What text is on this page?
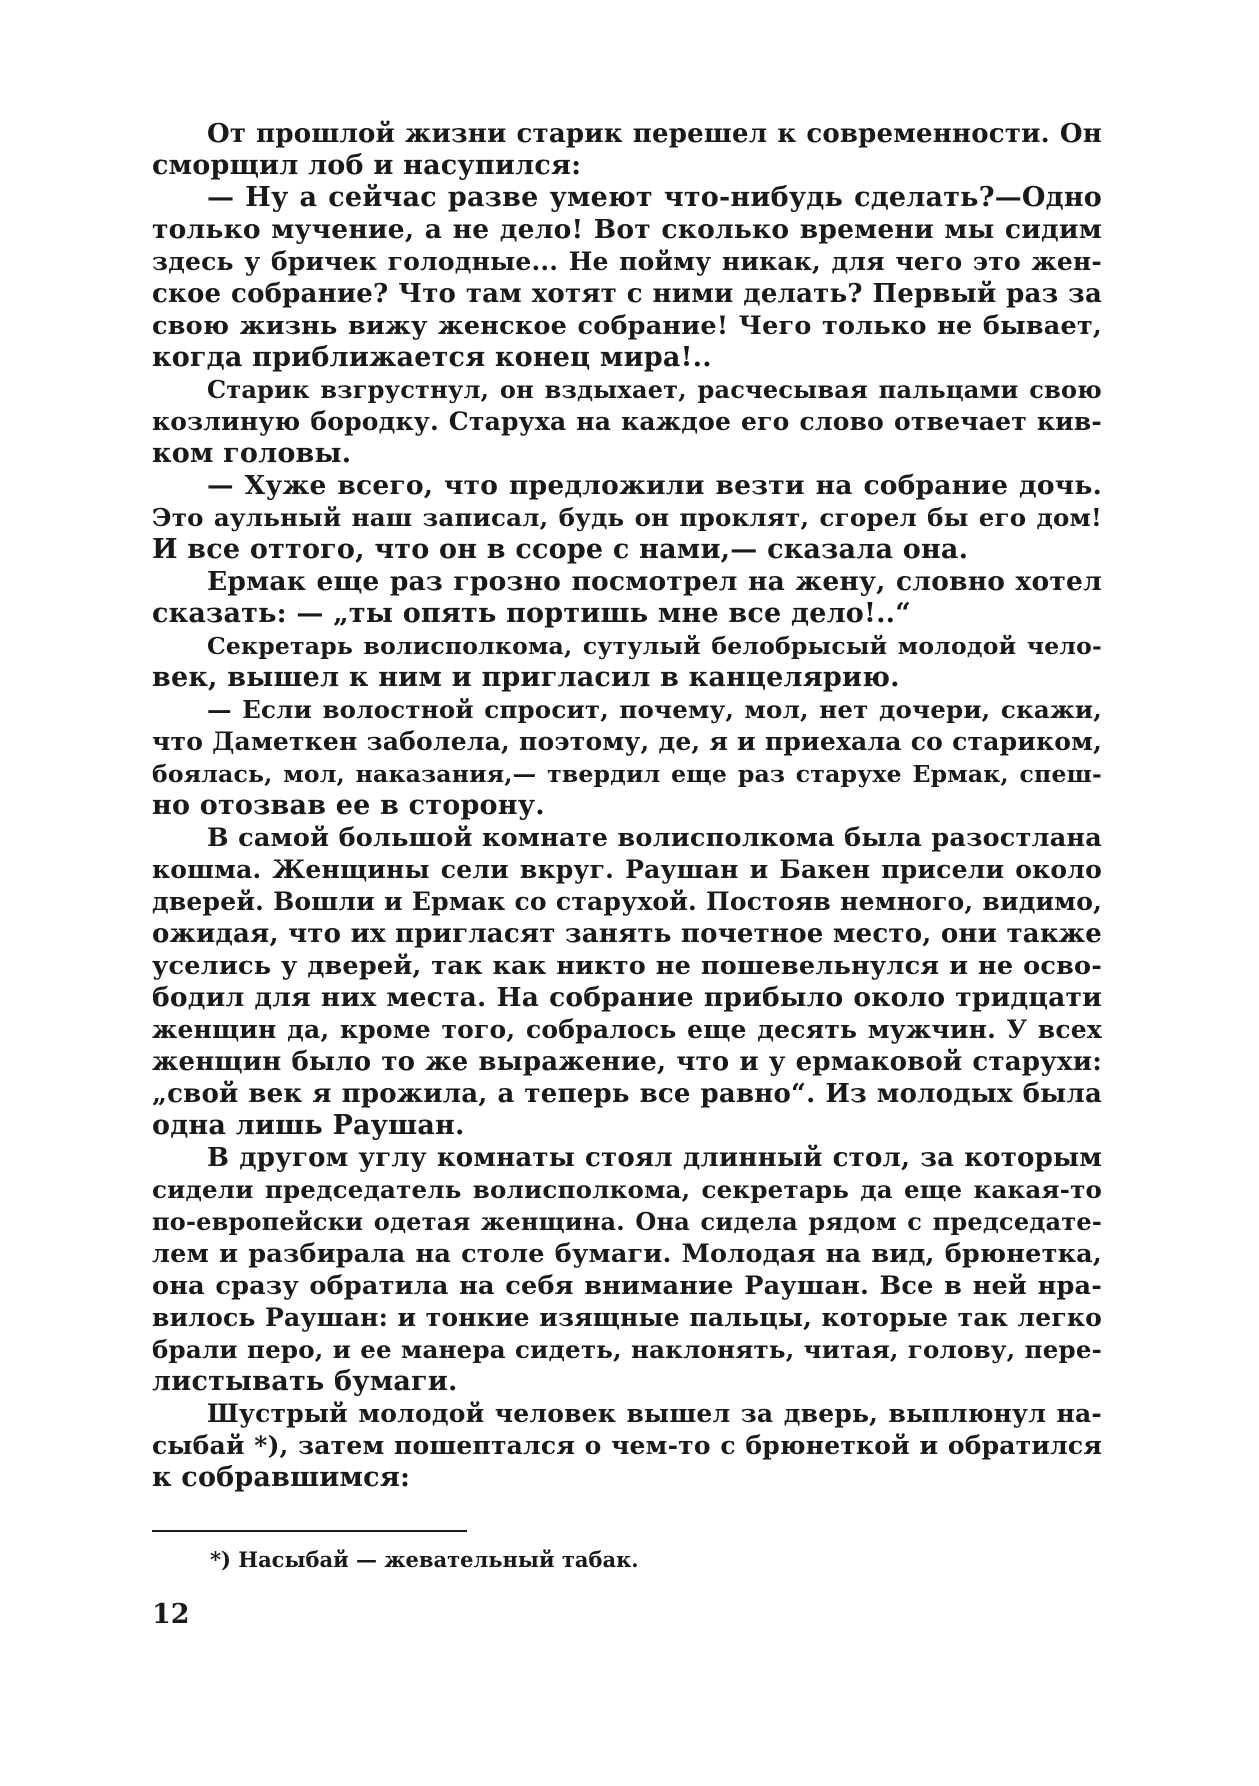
От прошлой жизни старик перешел к современности. Он
сморщил лоб и насупился:
— Ну а сейчас разве умеют что-нибудь сделать?—Одно
только мучение, а не дело! Вот сколько времени мы сидим
здесь у бричек голодные... Не пойму никак, для чего это жен-
ское собрание? Что там хотят с ними делать? Первый раз за
свою жизнь вижу женское собрание! Чего только не бывает,
когда приближается конец мира!..
Старик взгрустнул, он вздыхает, расчесывая пальцами свою
козлиную бородку. Старуха на каждое его слово отвечает кив-
ком головы.
— Хуже всего, что предложили везти на собрание дочь.
Это аульный наш записал, будь он проклят, сгорел бы его дом!
И все оттого, что он в ссоре с нами,— сказала она.
Ермак еще раз грозно посмотрел на жену, словно хотел
сказать: — „ты опять портишь мне все дело!..“
Секретарь волисполкома, сутулый белобрысый молодой чело-
век, вышел к ним и пригласил в канцелярию.
— Если волостной спросит, почему, мол, нет дочери, скажи,
что Даметкен заболела, поэтому, де, я и приехала со стариком,
боялась, мол, наказания,— твердил еще раз старухе Ермак, спеш-
но отозвав ее в сторону.
В самой большой комнате волисполкома была разостлана
кошма. Женщины сели вкруг. Раушан и Бакен присели около
дверей. Вошли и Ермак со старухой. Постояв немного, видимо,
ожидая, что их пригласят занять почетное место, они также
уселись у дверей, так как никто не пошевельнулся и не осво-
бодил для них места. На собрание прибыло около тридцати
женщин да, кроме того, собралось еще десять мужчин. У всех
женщин было то же выражение, что и у ермаковой старухи:
„свой век я прожила, а теперь все равно“. Из молодых была
одна лишь Раушан.
В другом углу комнаты стоял длинный стол, за которым
сидели председатель волисполкома, секретарь да еще какая-то
по-европейски одетая женщина. Она сидела рядом с председате-
лем и разбирала на столе бумаги. Молодая на вид, брюнетка,
она сразу обратила на себя внимание Раушан. Все в ней нра-
вилось Раушан: и тонкие изящные пальцы, которые так легко
брали перо, и ее манера сидеть, наклонять, читая, голову, пере-
листывать бумаги.
Шустрый молодой человек вышел за дверь, выплюнул на-
сыбай *), затем пошептался о чем-то с брюнеткой и обратился
к собравшимся:
*) Насыбай — жевательный табак.
12
